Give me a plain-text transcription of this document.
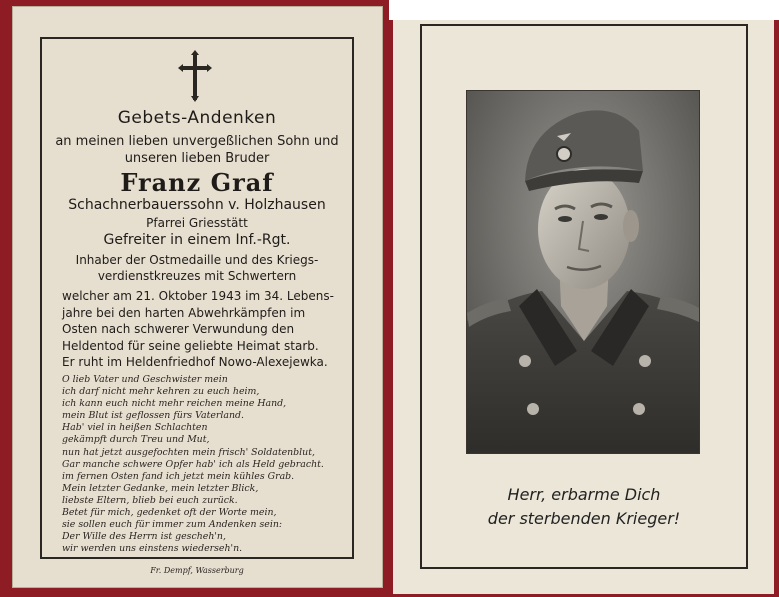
Gebets-Andenken
an meinen lieben unvergeßlichen Sohn und
unseren lieben Bruder
Franz Graf
Schachnerbauerssohn v. Holzhausen
Pfarrei Griesstätt
Gefreiter in einem Inf.-Rgt.
Inhaber der Ostmedaille und des Kriegs-
verdienstkreuzes mit Schwertern
welcher am 21. Oktober 1943 im 34. Lebens-
jahre bei den harten Abwehrkämpfen im
Osten nach schwerer Verwundung den
Heldentod für seine geliebte Heimat starb.
Er ruht im Heldenfriedhof Nowo-Alexejewka.
O lieb Vater und Geschwister mein
ich darf nicht mehr kehren zu euch heim,
ich kann euch nicht mehr reichen meine Hand,
mein Blut ist geflossen fürs Vaterland.
Hab' viel in heißen Schlachten
gekämpft durch Treu und Mut,
nun hat jetzt ausgefochten mein frisch' Soldatenblut,
Gar manche schwere Opfer hab' ich als Held gebracht.
im fernen Osten fand ich jetzt mein kühles Grab.
Mein letzter Gedanke, mein letzter Blick,
liebste Eltern, blieb bei euch zurück.
Betet für mich, gedenket oft der Worte mein,
sie sollen euch für immer zum Andenken sein:
Der Wille des Herrn ist gescheh'n,
wir werden uns einstens wiederseh'n.
Fr. Dempf, Wasserburg
Herr, erbarme Dich
der sterbenden Krieger!
